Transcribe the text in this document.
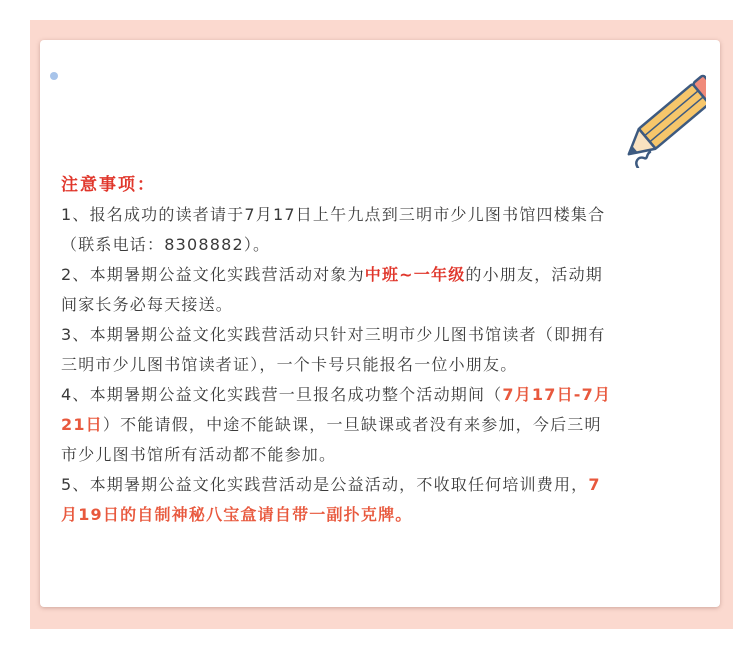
注意事项：

1、报名成功的读者请于7月17日上午九点到三明市少儿图书馆四楼集合
（联系电话：8308882）。

2、本期暑期公益文化实践营活动对象为中班~一年级的小朋友，活动期
间家长务必每天接送。

3、本期暑期公益文化实践营活动只针对三明市少儿图书馆读者（即拥有
三明市少儿图书馆读者证），一个卡号只能报名一位小朋友。

4、本期暑期公益文化实践营一旦报名成功整个活动期间（7月17日-7月
21日）不能请假，中途不能缺课，一旦缺课或者没有来参加，今后三明
市少儿图书馆所有活动都不能参加。

5、本期暑期公益文化实践营活动是公益活动，不收取任何培训费用，7
月19日的自制神秘八宝盒请自带一副扑克牌。
